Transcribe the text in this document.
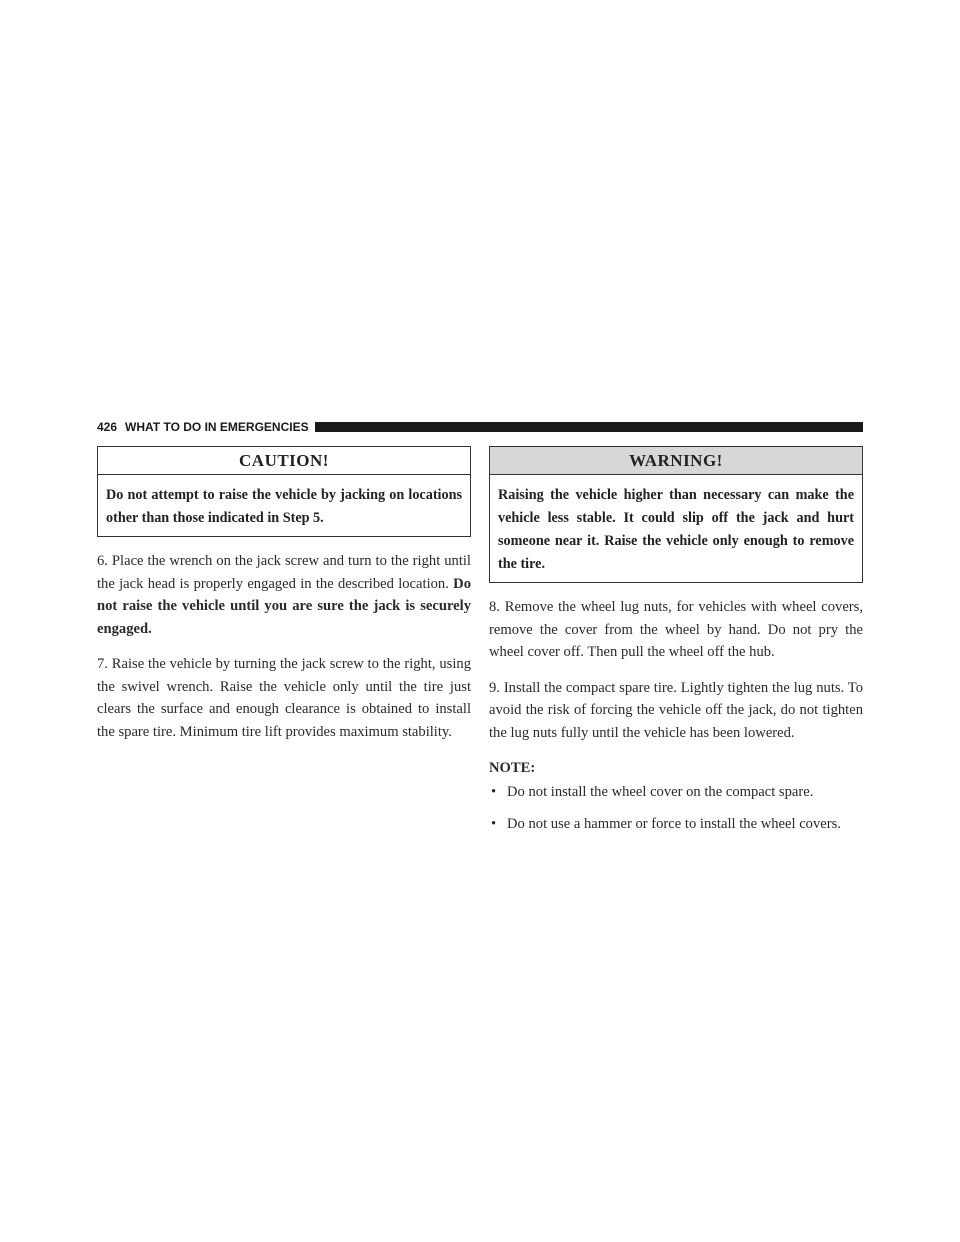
426 WHAT TO DO IN EMERGENCIES
CAUTION!
Do not attempt to raise the vehicle by jacking on locations other than those indicated in Step 5.

6. Place the wrench on the jack screw and turn to the right until the jack head is properly engaged in the described location. Do not raise the vehicle until you are sure the jack is securely engaged.

7. Raise the vehicle by turning the jack screw to the right, using the swivel wrench. Raise the vehicle only until the tire just clears the surface and enough clearance is obtained to install the spare tire. Minimum tire lift provides maximum stability.

WARNING!
Raising the vehicle higher than necessary can make the vehicle less stable. It could slip off the jack and hurt someone near it. Raise the vehicle only enough to remove the tire.

8. Remove the wheel lug nuts, for vehicles with wheel covers, remove the cover from the wheel by hand. Do not pry the wheel cover off. Then pull the wheel off the hub.

9. Install the compact spare tire. Lightly tighten the lug nuts. To avoid the risk of forcing the vehicle off the jack, do not tighten the lug nuts fully until the vehicle has been lowered.

NOTE:
• Do not install the wheel cover on the compact spare.
• Do not use a hammer or force to install the wheel covers.
